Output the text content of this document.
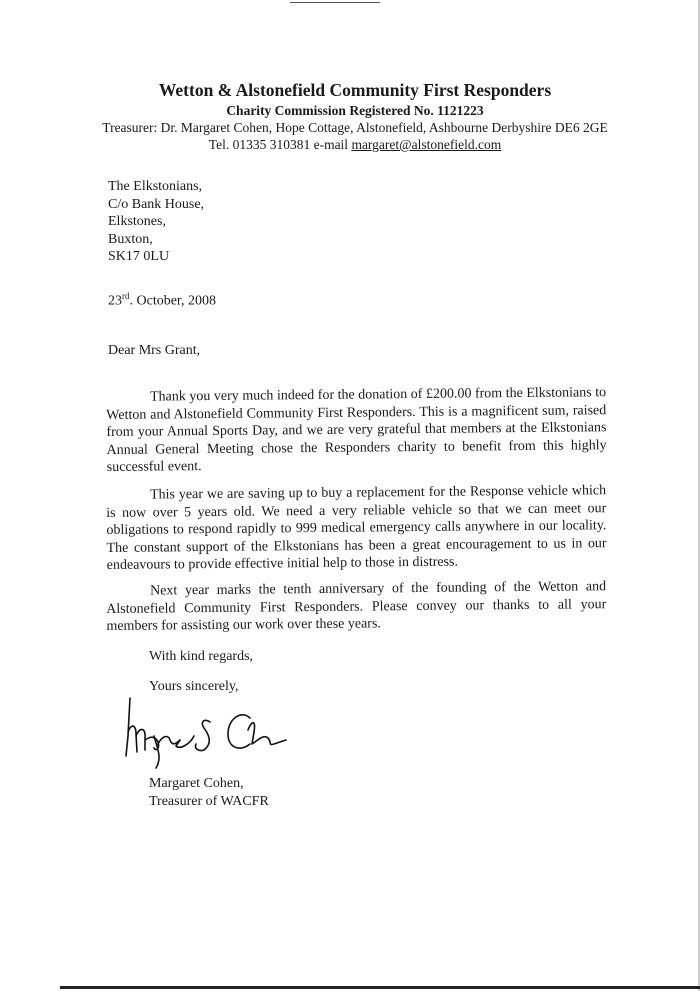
Wetton & Alstonefield Community First Responders
Charity Commission Registered No. 1121223
Treasurer: Dr. Margaret Cohen, Hope Cottage, Alstonefield, Ashbourne Derbyshire DE6 2GE
Tel. 01335 310381 e-mail margaret@alstonefield.com
The Elkstonians,
C/o Bank House,
Elkstones,
Buxton,
SK17 0LU
23rd. October, 2008
Dear Mrs Grant,

Thank you very much indeed for the donation of £200.00 from the Elkstonians to Wetton and Alstonefield Community First Responders. This is a magnificent sum, raised from your Annual Sports Day, and we are very grateful that members at the Elkstonians Annual General Meeting chose the Responders charity to benefit from this highly successful event.

This year we are saving up to buy a replacement for the Response vehicle which is now over 5 years old. We need a very reliable vehicle so that we can meet our obligations to respond rapidly to 999 medical emergency calls anywhere in our locality. The constant support of the Elkstonians has been a great encouragement to us in our endeavours to provide effective initial help to those in distress.

Next year marks the tenth anniversary of the founding of the Wetton and Alstonefield Community First Responders. Please convey our thanks to all your members for assisting our work over these years.

With kind regards,
Yours sincerely,
Margaret Cohen,
Treasurer of WACFR
